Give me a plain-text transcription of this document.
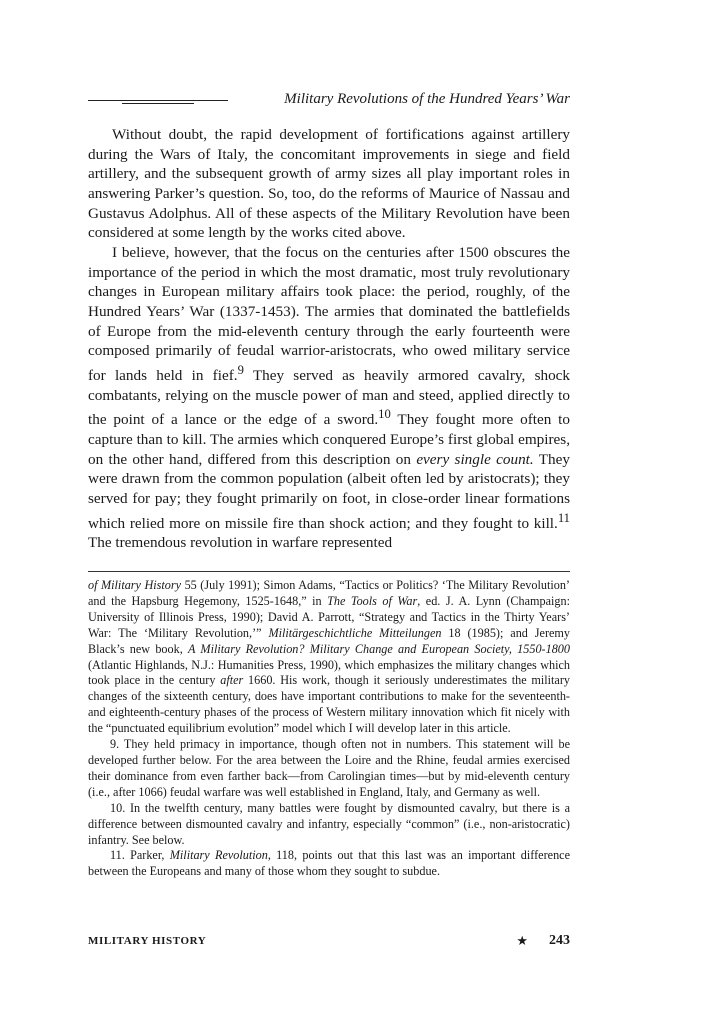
Military Revolutions of the Hundred Years’ War

Without doubt, the rapid development of fortifications against artillery during the Wars of Italy, the concomitant improvements in siege and field artillery, and the subsequent growth of army sizes all play important roles in answering Parker’s question. So, too, do the reforms of Maurice of Nassau and Gustavus Adolphus. All of these aspects of the Military Revolution have been considered at some length by the works cited above.

I believe, however, that the focus on the centuries after 1500 obscures the importance of the period in which the most dramatic, most truly revolutionary changes in European military affairs took place: the period, roughly, of the Hundred Years’ War (1337-1453). The armies that dominated the battlefields of Europe from the mid-eleventh century through the early fourteenth were composed primarily of feudal warrior-aristocrats, who owed military service for lands held in fief.$^9$ They served as heavily armored cavalry, shock combatants, relying on the muscle power of man and steed, applied directly to the point of a lance or the edge of a sword.$^{10}$ They fought more often to capture than to kill. The armies which conquered Europe’s first global empires, on the other hand, differed from this description on every single count. They were drawn from the common population (albeit often led by aristocrats); they served for pay; they fought primarily on foot, in close-order linear formations which relied more on missile fire than shock action; and they fought to kill.$^{11}$ The tremendous revolution in warfare represented

of Military History 55 (July 1991); Simon Adams, “Tactics or Politics? ‘The Military Revolution’ and the Hapsburg Hegemony, 1525-1648,” in The Tools of War, ed. J. A. Lynn (Champaign: University of Illinois Press, 1990); David A. Parrott, “Strategy and Tactics in the Thirty Years’ War: The ‘Military Revolution,’” Militärgeschichtliche Mitteilungen 18 (1985); and Jeremy Black’s new book, A Military Revolution? Military Change and European Society, 1550-1800 (Atlantic Highlands, N.J.: Humanities Press, 1990), which emphasizes the military changes which took place in the century after 1660. His work, though it seriously underestimates the military changes of the sixteenth century, does have important contributions to make for the seventeenth- and eighteenth-century phases of the process of Western military innovation which fit nicely with the “punctuated equilibrium evolution” model which I will develop later in this article.

9. They held primacy in importance, though often not in numbers. This statement will be developed further below. For the area between the Loire and the Rhine, feudal armies exercised their dominance from even farther back—from Carolingian times—but by mid-eleventh century (i.e., after 1066) feudal warfare was well established in England, Italy, and Germany as well.

10. In the twelfth century, many battles were fought by dismounted cavalry, but there is a difference between dismounted cavalry and infantry, especially “common” (i.e., non-aristocratic) infantry. See below.

11. Parker, Military Revolution, 118, points out that this last was an important difference between the Europeans and many of those whom they sought to subdue.

MILITARY HISTORY	★ 243
